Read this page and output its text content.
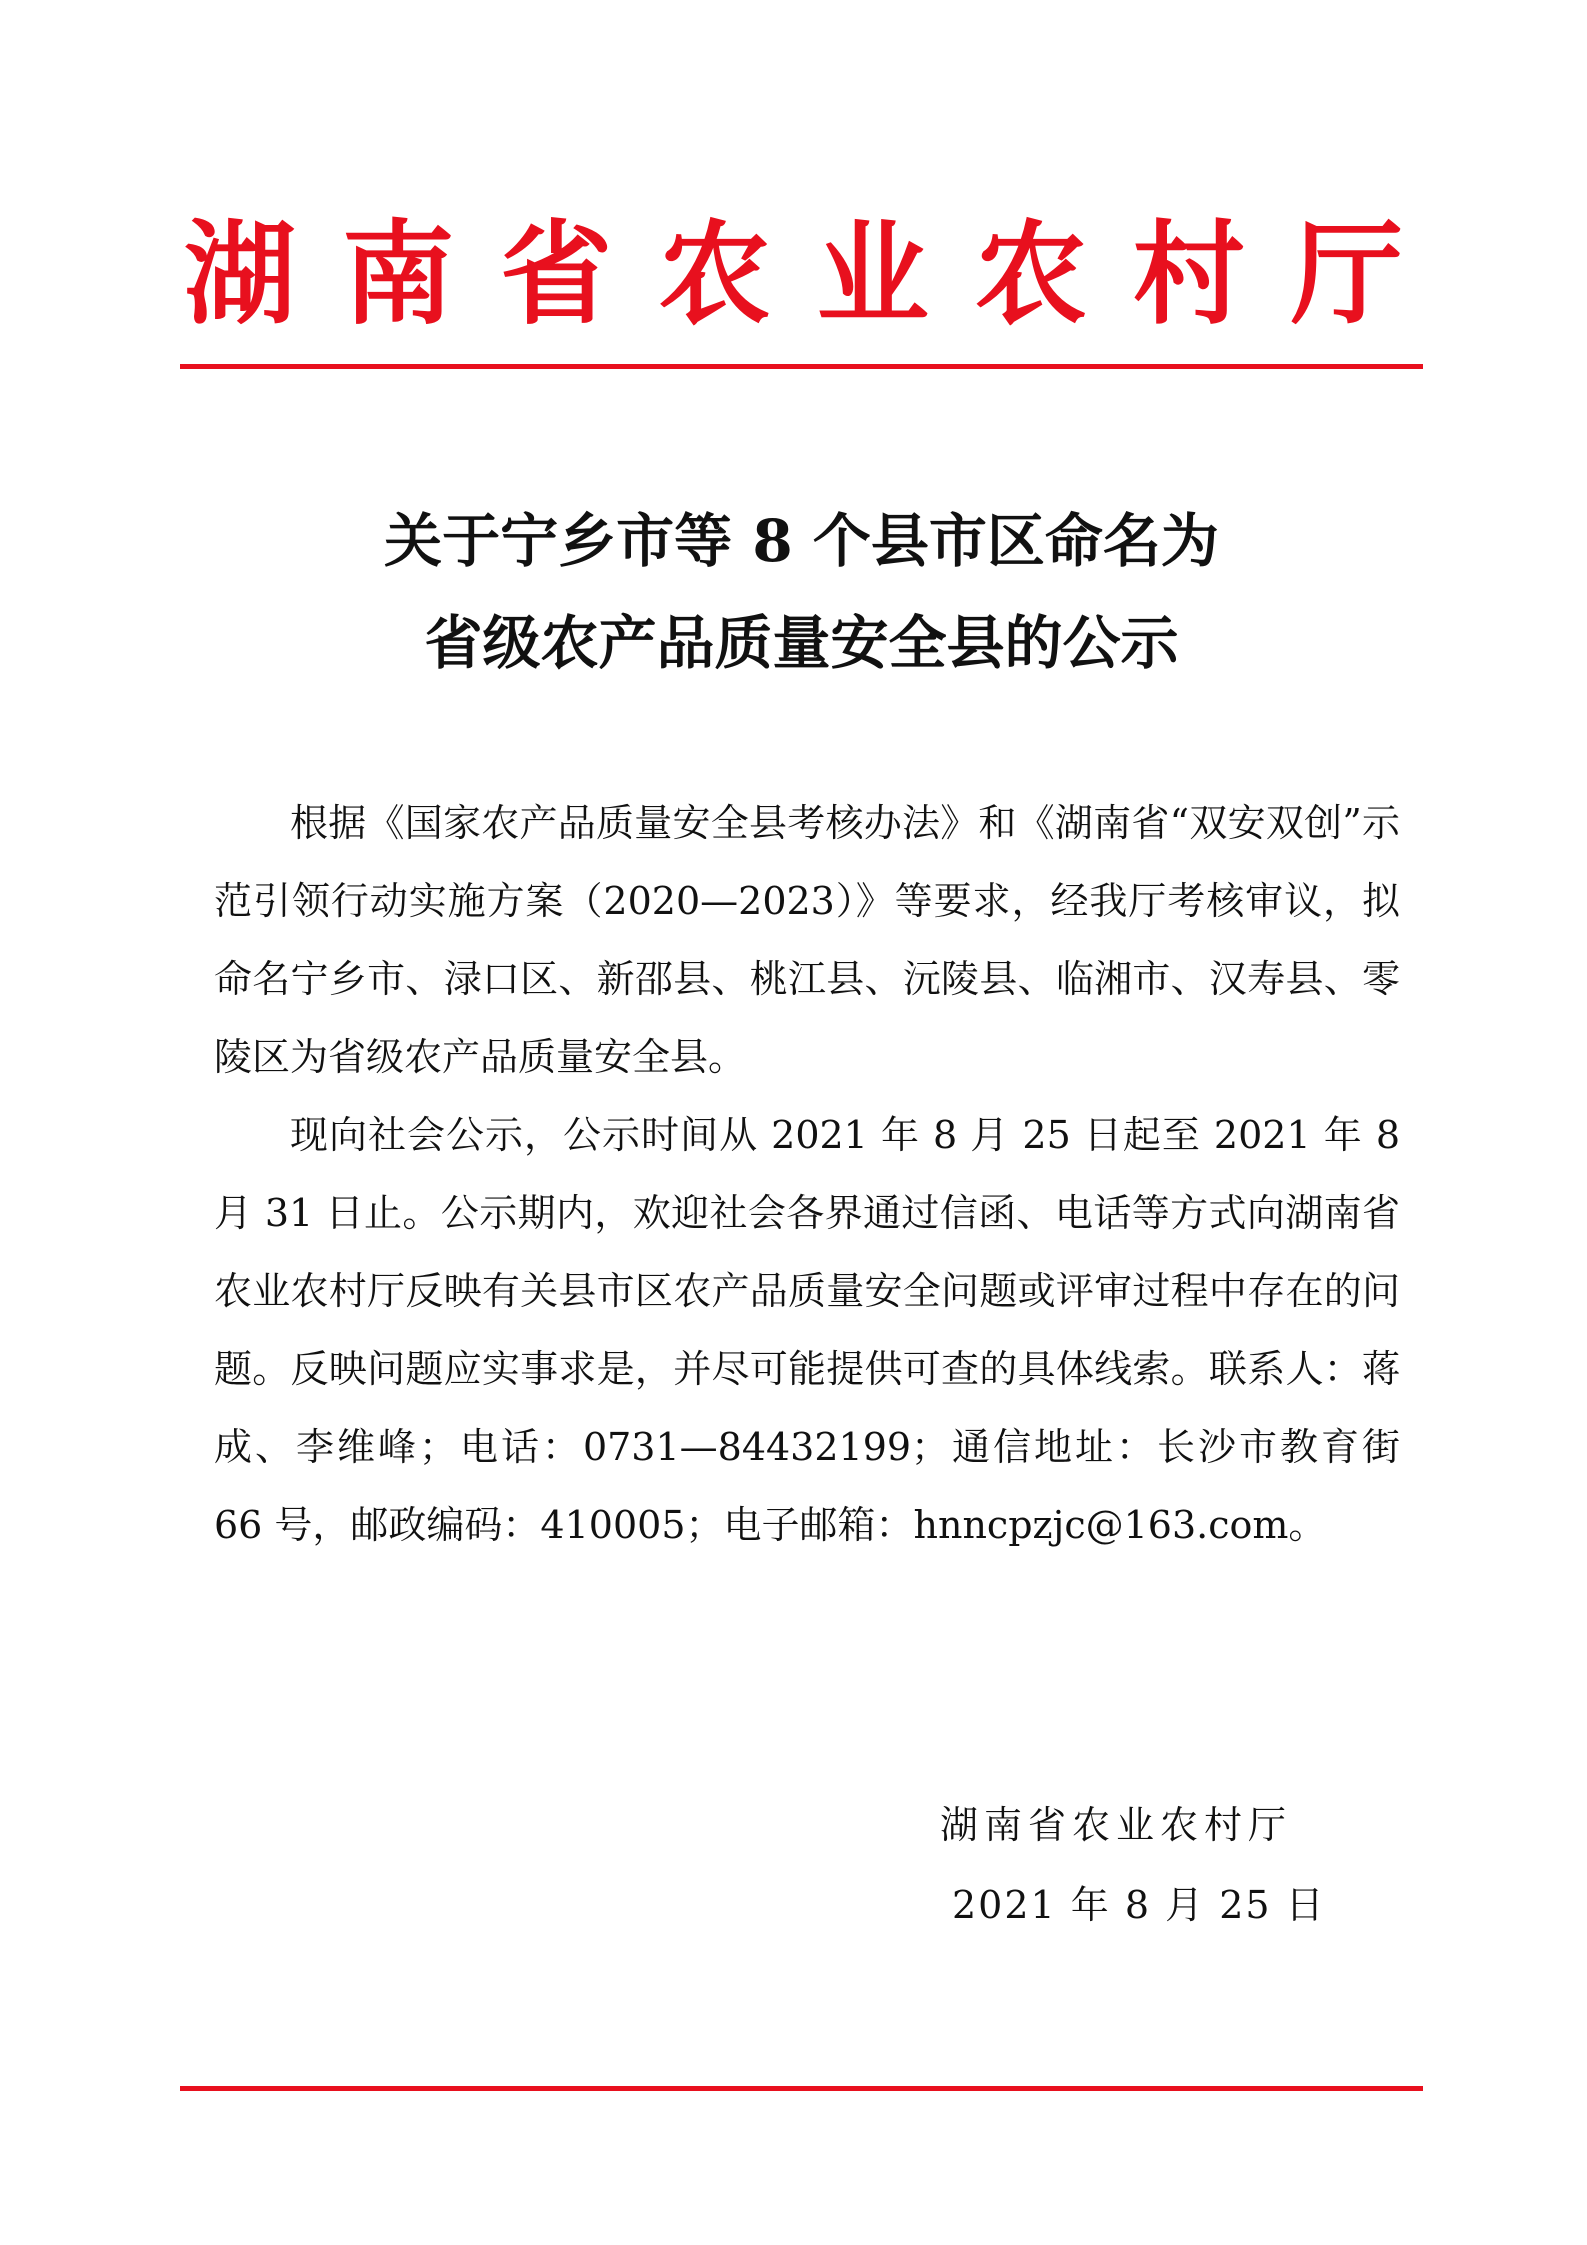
湖 南 省 农 业 农 村 厅
关于宁乡市等 8 个县市区命名为
省级农产品质量安全县的公示

根据《国家农产品质量安全县考核办法》和《湖南省“双安双创”示范引领行动实施方案（2020—2023）》等要求，经我厅考核审议，拟命名宁乡市、渌口区、新邵县、桃江县、沅陵县、临湘市、汉寿县、零陵区为省级农产品质量安全县。

现向社会公示，公示时间从 2021 年 8 月 25 日起至 2021 年 8 月 31 日止。公示期内，欢迎社会各界通过信函、电话等方式向湖南省农业农村厅反映有关县市区农产品质量安全问题或评审过程中存在的问题。反映问题应实事求是，并尽可能提供可查的具体线索。联系人：蒋成、李维峰；电话：0731—84432199；通信地址：长沙市教育街 66 号，邮政编码：410005；电子邮箱：hnncpzjc@163.com。

湖南省农业农村厅
2021 年 8 月 25 日
